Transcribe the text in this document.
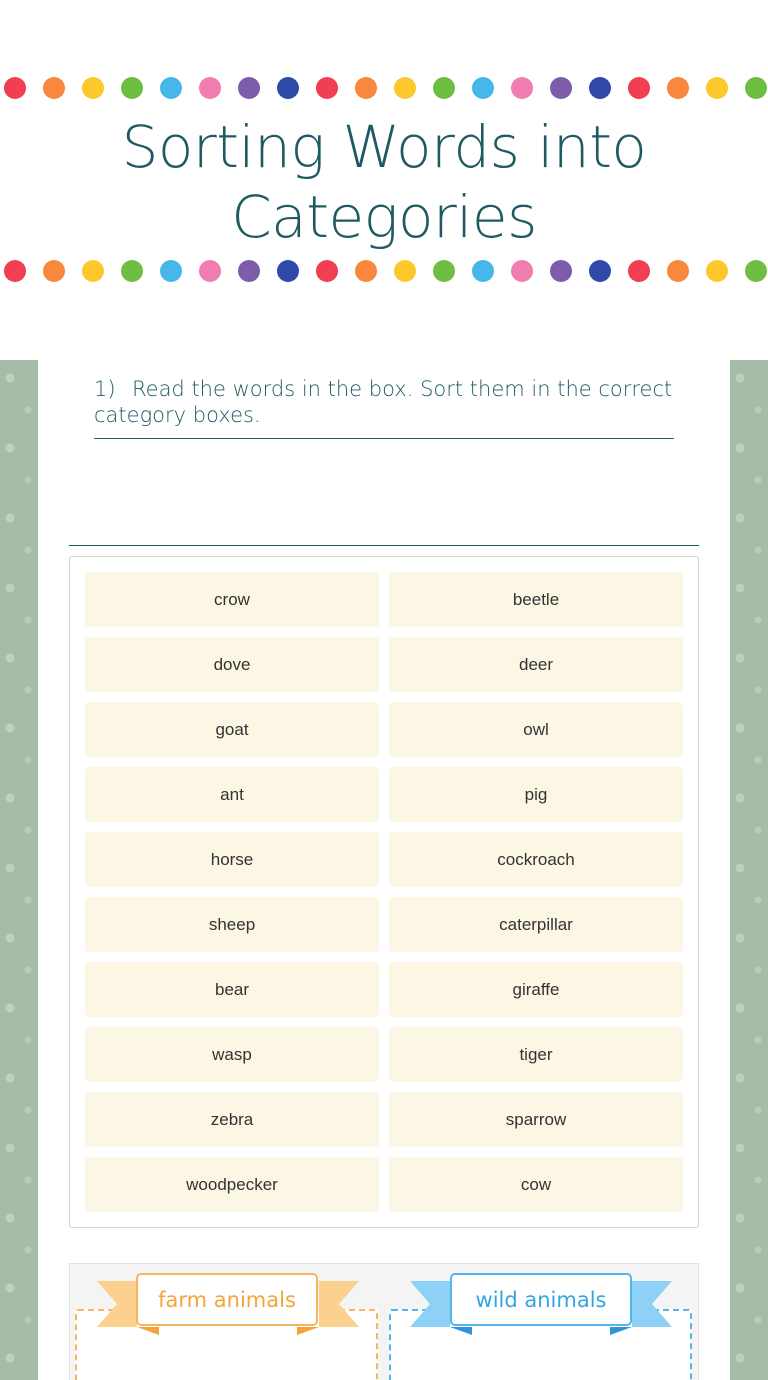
Sorting Words into
Categories
1) Read the words in the box. Sort them in the correct category boxes.
crow	beetle
dove	deer
goat	owl
ant	pig
horse	cockroach
sheep	caterpillar
bear	giraffe
wasp	tiger
zebra	sparrow
woodpecker	cow
farm animals	wild animals
